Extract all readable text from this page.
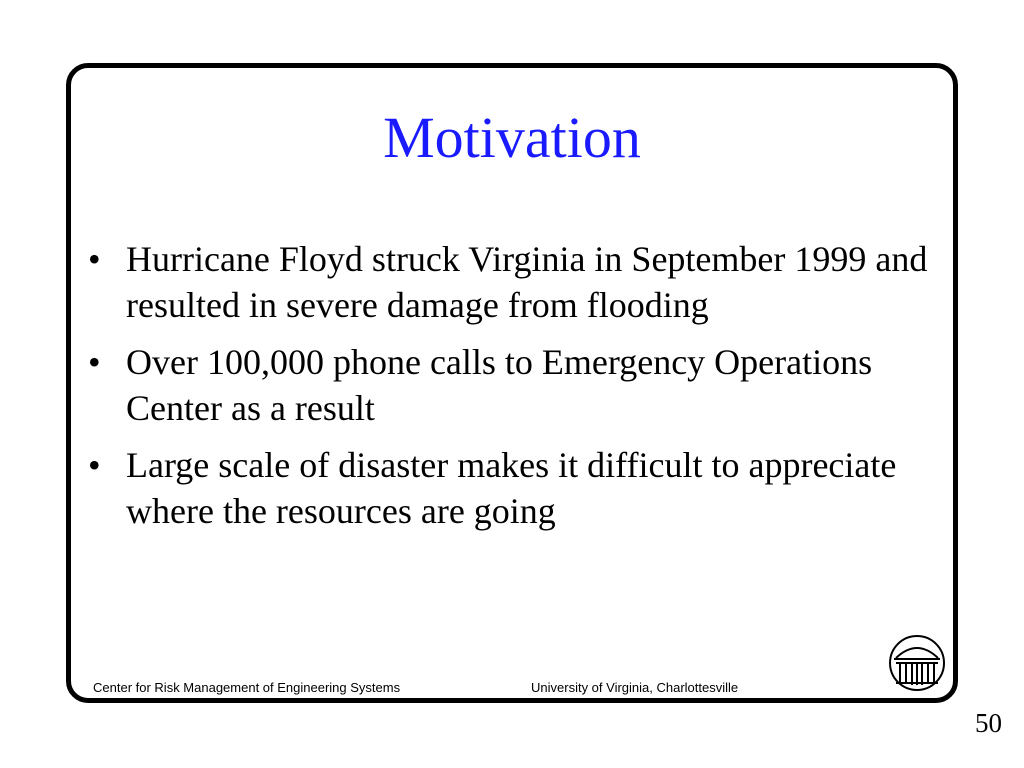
Motivation
• Hurricane Floyd struck Virginia in September 1999 and resulted in severe damage from flooding
• Over 100,000 phone calls to Emergency Operations Center as a result
• Large scale of disaster makes it difficult to appreciate where the resources are going
Center for Risk Management of Engineering Systems	University of Virginia, Charlottesville
50
